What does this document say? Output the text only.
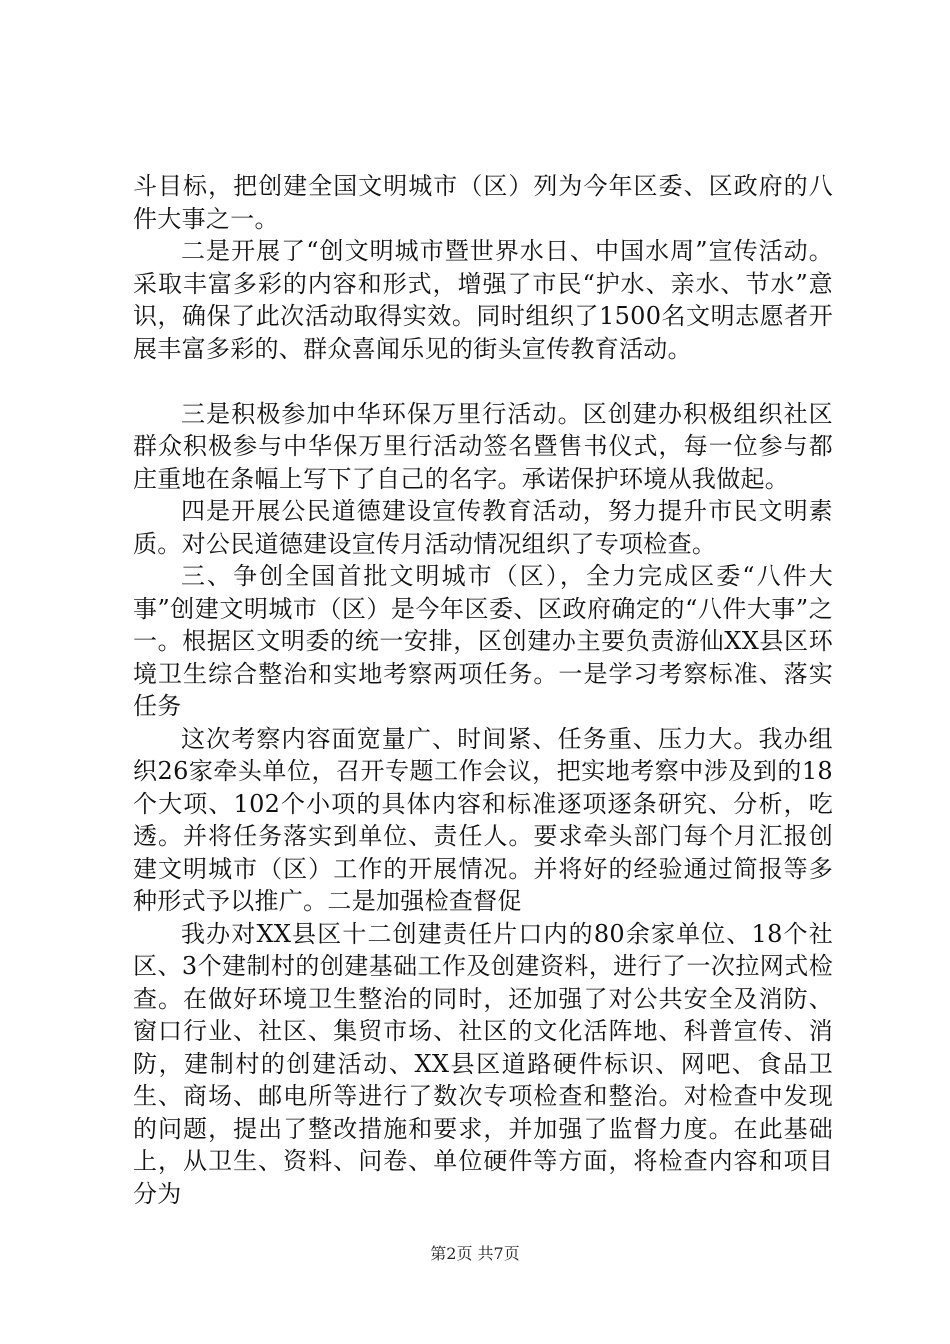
斗目标，把创建全国文明城市（区）列为今年区委、区政府的八件大事之一。

二是开展了“创文明城市暨世界水日、中国水周”宣传活动。采取丰富多彩的内容和形式，增强了市民“护水、亲水、节水”意识，确保了此次活动取得实效。同时组织了1500名文明志愿者开展丰富多彩的、群众喜闻乐见的街头宣传教育活动。

三是积极参加中华环保万里行活动。区创建办积极组织社区群众积极参与中华保万里行活动签名暨售书仪式，每一位参与都庄重地在条幅上写下了自己的名字。承诺保护环境从我做起。

四是开展公民道德建设宣传教育活动，努力提升市民文明素质。对公民道德建设宣传月活动情况组织了专项检查。

三、争创全国首批文明城市（区），全力完成区委“八件大事”创建文明城市（区）是今年区委、区政府确定的“八件大事”之一。根据区文明委的统一安排，区创建办主要负责游仙XX县区环境卫生综合整治和实地考察两项任务。一是学习考察标准、落实任务

这次考察内容面宽量广、时间紧、任务重、压力大。我办组织26家牵头单位，召开专题工作会议，把实地考察中涉及到的18个大项、102个小项的具体内容和标准逐项逐条研究、分析，吃透。并将任务落实到单位、责任人。要求牵头部门每个月汇报创建文明城市（区）工作的开展情况。并将好的经验通过简报等多种形式予以推广。二是加强检查督促

我办对XX县区十二创建责任片口内的80余家单位、18个社区、3个建制村的创建基础工作及创建资料，进行了一次拉网式检查。在做好环境卫生整治的同时，还加强了对公共安全及消防、窗口行业、社区、集贸市场、社区的文化活阵地、科普宣传、消防，建制村的创建活动、XX县区道路硬件标识、网吧、食品卫生、商场、邮电所等进行了数次专项检查和整治。对检查中发现的问题，提出了整改措施和要求，并加强了监督力度。在此基础上，从卫生、资料、问卷、单位硬件等方面，将检查内容和项目分为

第2页 共7页
